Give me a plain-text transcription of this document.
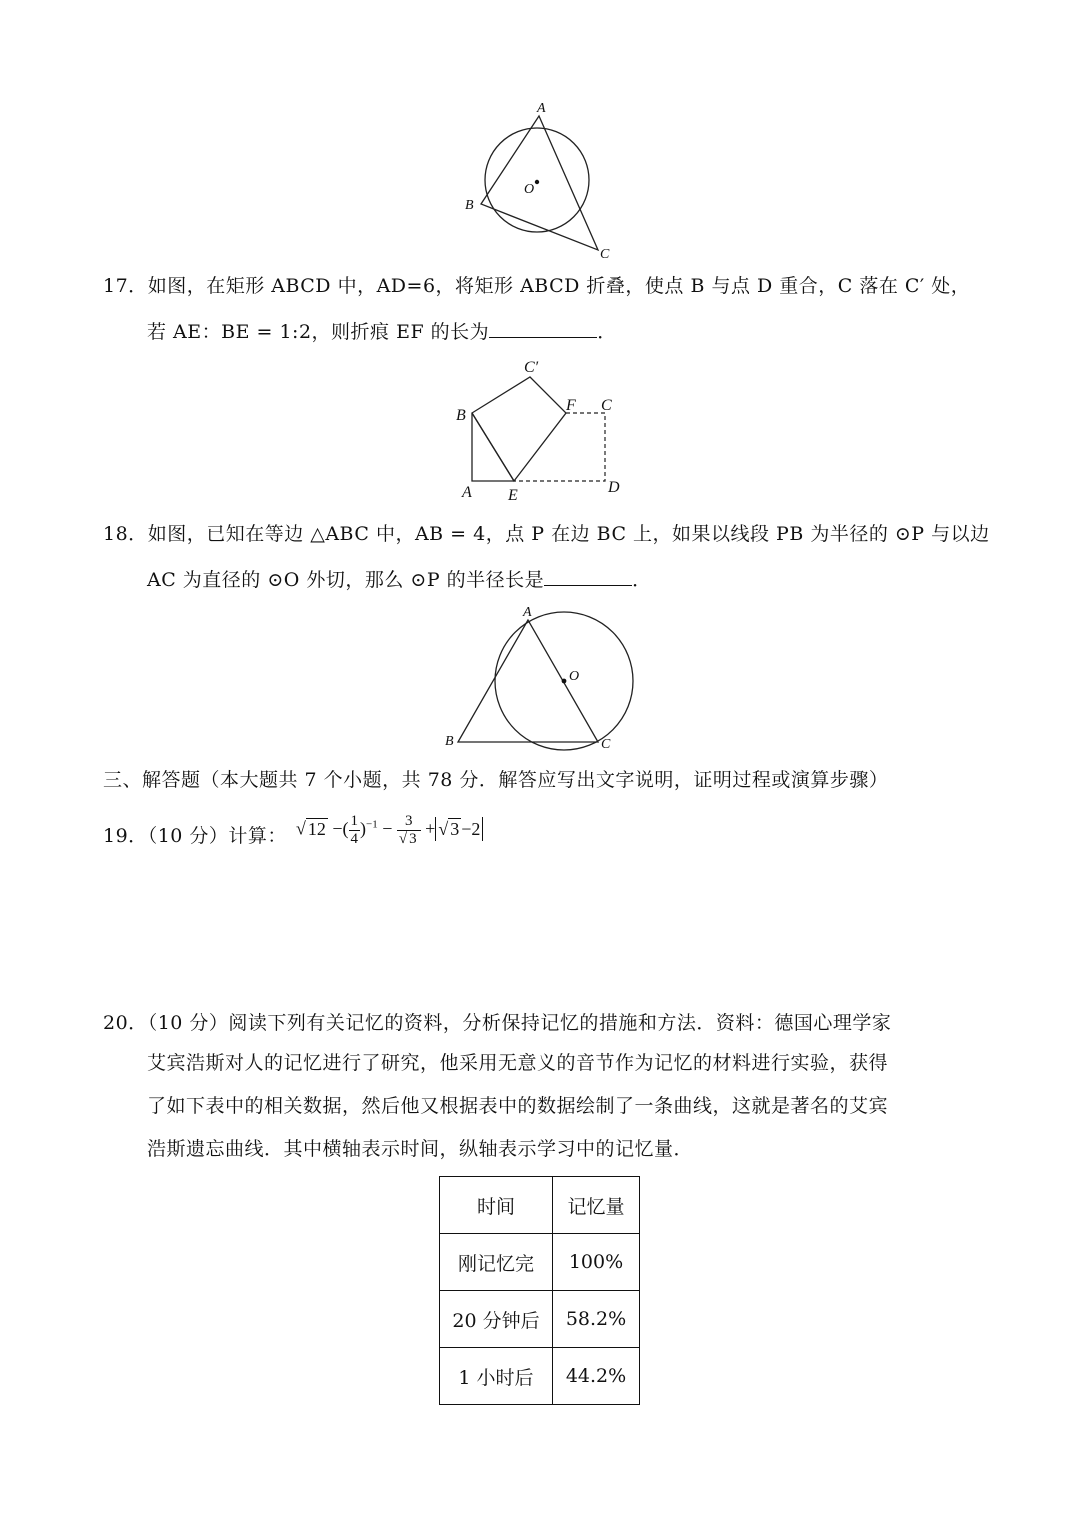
A
B
C
O
17．如图，在矩形 ABCD 中，AD=6，将矩形 ABCD 折叠，使点 B 与点 D 重合，C 落在 C′ 处，
若 AE：BE = 1:2，则折痕 EF 的长为	．
C′
B
F C
A E	D
18．如图，已知在等边 △ABC 中，AB = 4，点 P 在边 BC 上，如果以线段 PB 为半径的 ⊙P 与以边
AC 为直径的 ⊙O 外切，那么 ⊙P 的半径长是	．
A
O
B	C
三、解答题（本大题共 7 个小题，共 78 分．解答应写出文字说明，证明过程或演算步骤）
19．（10 分）计算： √ 12 −( $\frac{1}{4} )^{-1} - \frac{3}{√ 3}$ + √ 3 −2
20．（10 分）阅读下列有关记忆的资料，分析保持记忆的措施和方法．资料：德国心理学家
艾宾浩斯对人的记忆进行了研究，他采用无意义的音节作为记忆的材料进行实验，获得
了如下表中的相关数据，然后他又根据表中的数据绘制了一条曲线，这就是著名的艾宾
浩斯遗忘曲线．其中横轴表示时间，纵轴表示学习中的记忆量．
时间	记忆量
刚记忆完	100%
20 分钟后	58.2%
1 小时后	44.2%
